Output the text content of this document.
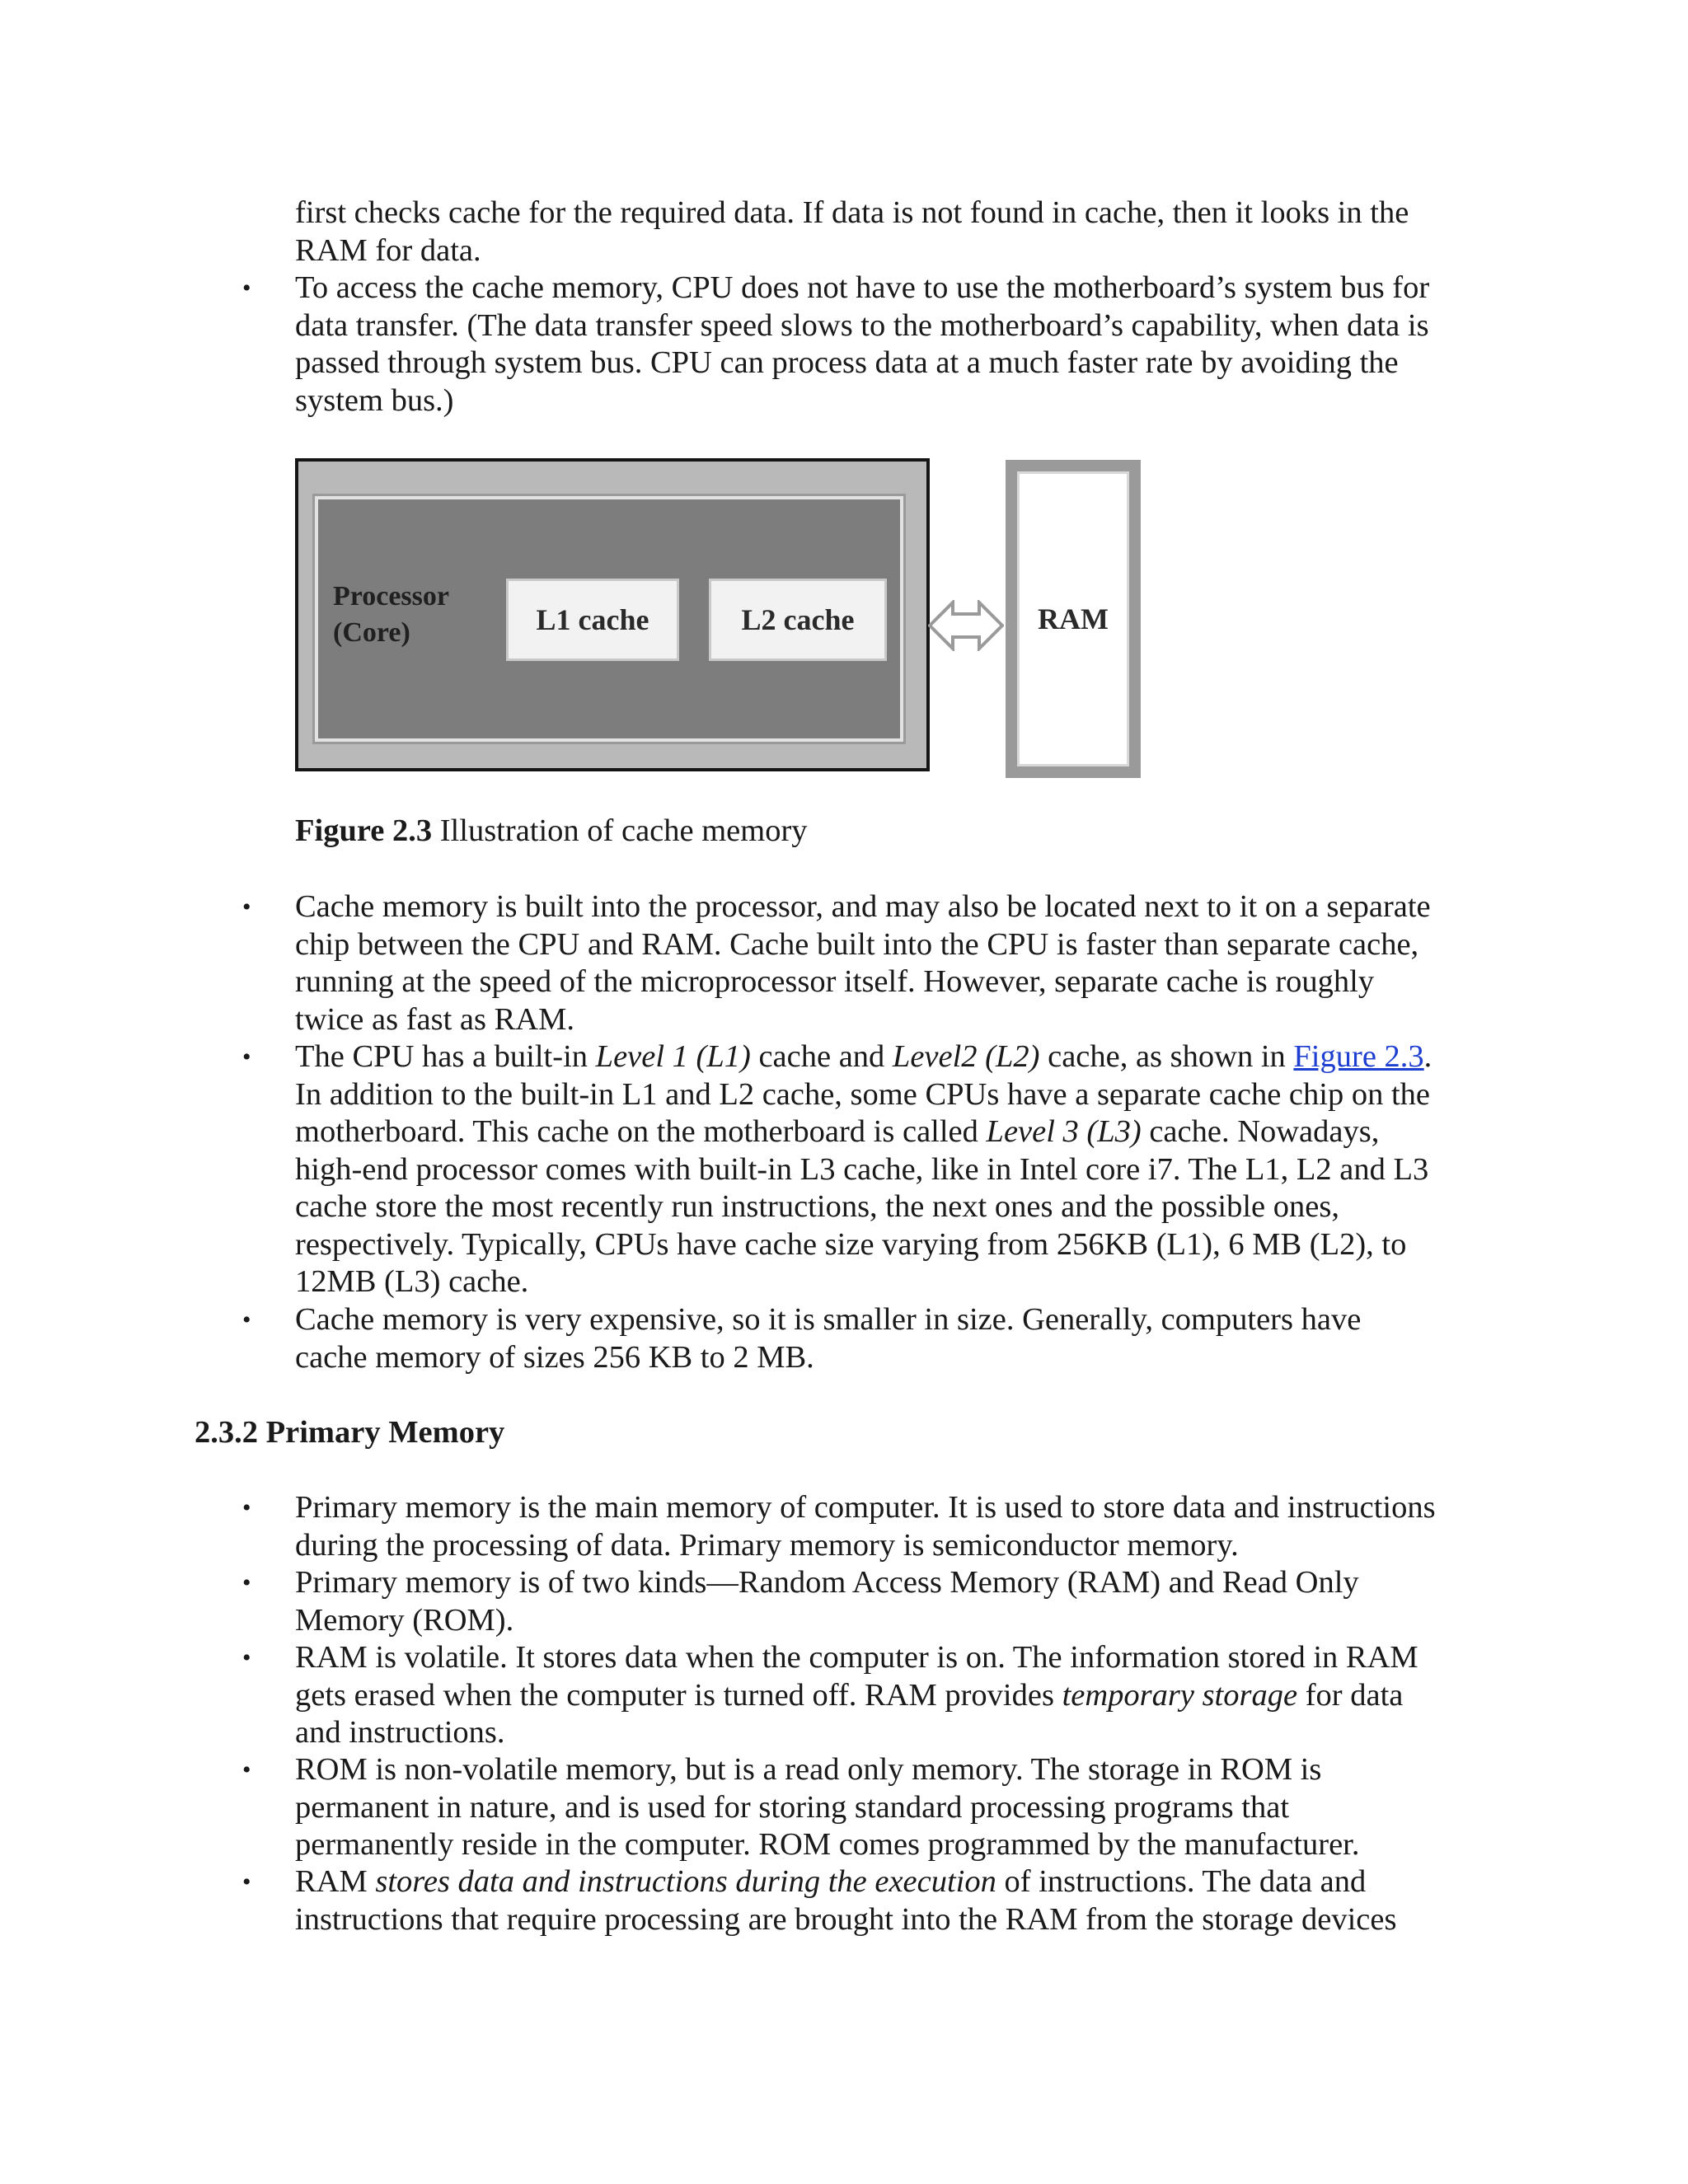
first checks cache for the required data. If data is not found in cache, then it looks in the
RAM for data.

•	To access the cache memory, CPU does not have to use the motherboard’s system bus for
data transfer. (The data transfer speed slows to the motherboard’s capability, when data is
passed through system bus. CPU can process data at a much faster rate by avoiding the
system bus.)

Processor
(Core)	L1 cache	L2 cache	RAM

Figure 2.3 Illustration of cache memory

•	Cache memory is built into the processor, and may also be located next to it on a separate
chip between the CPU and RAM. Cache built into the CPU is faster than separate cache,
running at the speed of the microprocessor itself. However, separate cache is roughly
twice as fast as RAM.

•	The CPU has a built-in Level 1 (L1) cache and Level2 (L2) cache, as shown in Figure 2.3.
In addition to the built-in L1 and L2 cache, some CPUs have a separate cache chip on the
motherboard. This cache on the motherboard is called Level 3 (L3) cache. Nowadays,
high-end processor comes with built-in L3 cache, like in Intel core i7. The L1, L2 and L3
cache store the most recently run instructions, the next ones and the possible ones,
respectively. Typically, CPUs have cache size varying from 256KB (L1), 6 MB (L2), to
12MB (L3) cache.

•	Cache memory is very expensive, so it is smaller in size. Generally, computers have
cache memory of sizes 256 KB to 2 MB.

2.3.2 Primary Memory

•	Primary memory is the main memory of computer. It is used to store data and instructions
during the processing of data. Primary memory is semiconductor memory.

•	Primary memory is of two kinds—Random Access Memory (RAM) and Read Only
Memory (ROM).

•	RAM is volatile. It stores data when the computer is on. The information stored in RAM
gets erased when the computer is turned off. RAM provides temporary storage for data
and instructions.

•	ROM is non-volatile memory, but is a read only memory. The storage in ROM is
permanent in nature, and is used for storing standard processing programs that
permanently reside in the computer. ROM comes programmed by the manufacturer.

•	RAM stores data and instructions during the execution of instructions. The data and
instructions that require processing are brought into the RAM from the storage devices
